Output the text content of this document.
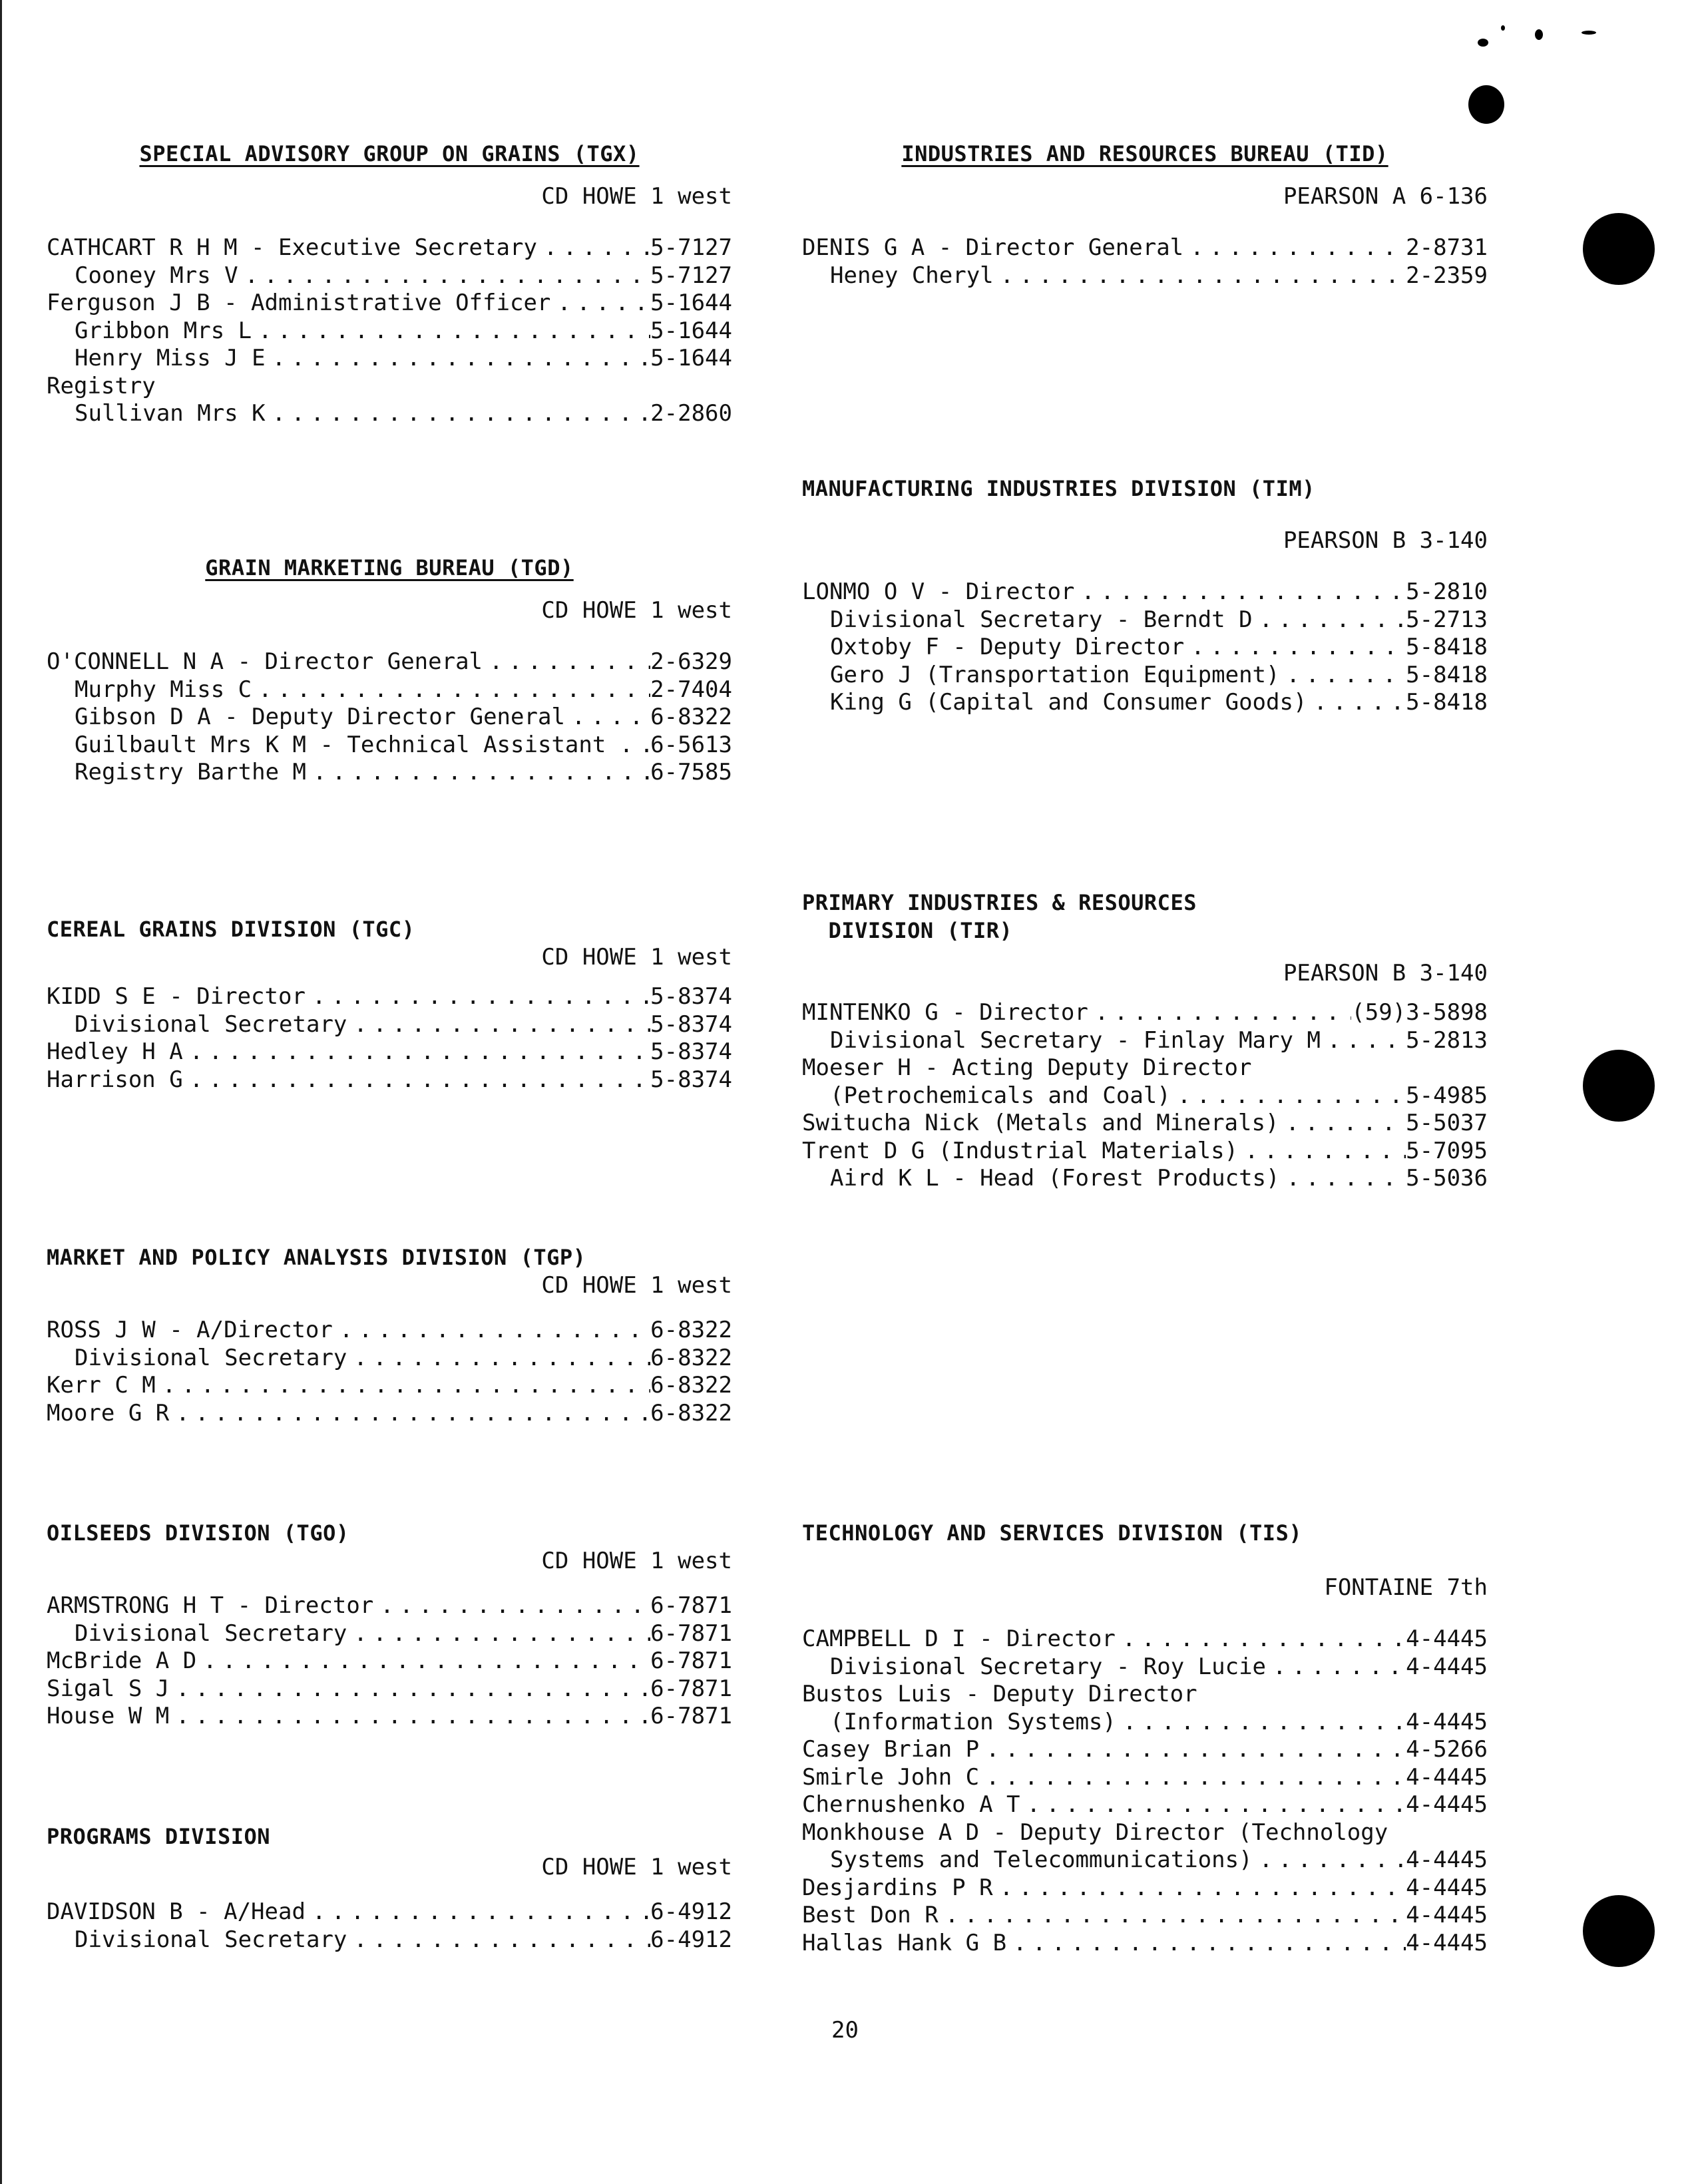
SPECIAL ADVISORY GROUP ON GRAINS (TGX)
CD HOWE 1 west
CATHCART R H M - Executive Secretary . . .	5-7127
Cooney Mrs V . . .	5-7127
Ferguson J B - Administrative Officer . . .	5-1644
Gribbon Mrs L . . .	5-1644
Henry Miss J E . . .	5-1644
Registry
Sullivan Mrs K . . .	2-2860
GRAIN MARKETING BUREAU (TGD)
CD HOWE 1 west
O'CONNELL N A - Director General . . .	2-6329
Murphy Miss C . . .	2-7404
Gibson D A - Deputy Director General . . .	6-8322
Guilbault Mrs K M - Technical Assistant . . . . 6-5613
Registry Barthe M . . .	6-7585
CEREAL GRAINS DIVISION (TGC)
CD HOWE 1 west
KIDD S E - Director . . .	5-8374
Divisional Secretary . . .	5-8374
Hedley H A . . .	5-8374
Harrison G . . .	5-8374
MARKET AND POLICY ANALYSIS DIVISION (TGP)
CD HOWE 1 west
ROSS J W - A/Director . . .	6-8322
Divisional Secretary . . .	6-8322
Kerr C M . . .	6-8322
Moore G R . . .	6-8322
OILSEEDS DIVISION (TGO)
CD HOWE 1 west
ARMSTRONG H T - Director . . .	6-7871
Divisional Secretary . . .	6-7871
McBride A D . . .	6-7871
Sigal S J . . .	6-7871
House W M . . .	6-7871
PROGRAMS DIVISION
CD HOWE 1 west
DAVIDSON B - A/Head . . .	6-4912
Divisional Secretary . . .	6-4912
INDUSTRIES AND RESOURCES BUREAU (TID)
PEARSON A 6-136
DENIS G A - Director General . . .	2-8731
Heney Cheryl . . .	2-2359
MANUFACTURING INDUSTRIES DIVISION (TIM)
PEARSON B 3-140
LONMO O V - Director . . .	5-2810
Divisional Secretary - Berndt D . . .	5-2713
Oxtoby F - Deputy Director . . .	5-8418
Gero J (Transportation Equipment) . . .	5-8418
King G (Capital and Consumer Goods) . . .	5-8418
PRIMARY INDUSTRIES & RESOURCES
DIVISION (TIR)
PEARSON B 3-140
MINTENKO G - Director . . .	(59)3-5898
Divisional Secretary - Finlay Mary M . . .	5-2813
Moeser H - Acting Deputy Director
(Petrochemicals and Coal) . . .	5-4985
Switucha Nick (Metals and Minerals) . . .	5-5037
Trent D G (Industrial Materials) . . .	5-7095
Aird K L - Head (Forest Products) . . .	5-5036
TECHNOLOGY AND SERVICES DIVISION (TIS)
FONTAINE 7th
CAMPBELL D I - Director . . .	4-4445
Divisional Secretary - Roy Lucie . . .	4-4445
Bustos Luis - Deputy Director
(Information Systems) . . .	4-4445
Casey Brian P . . .	4-5266
Smirle John C . . .	4-4445
Chernushenko A T . . .	4-4445
Monkhouse A D - Deputy Director (Technology
Systems and Telecommunications) . . .	4-4445
Desjardins P R . . .	4-4445
Best Don R . . .	4-4445
Hallas Hank G B . . .	4-4445
20
